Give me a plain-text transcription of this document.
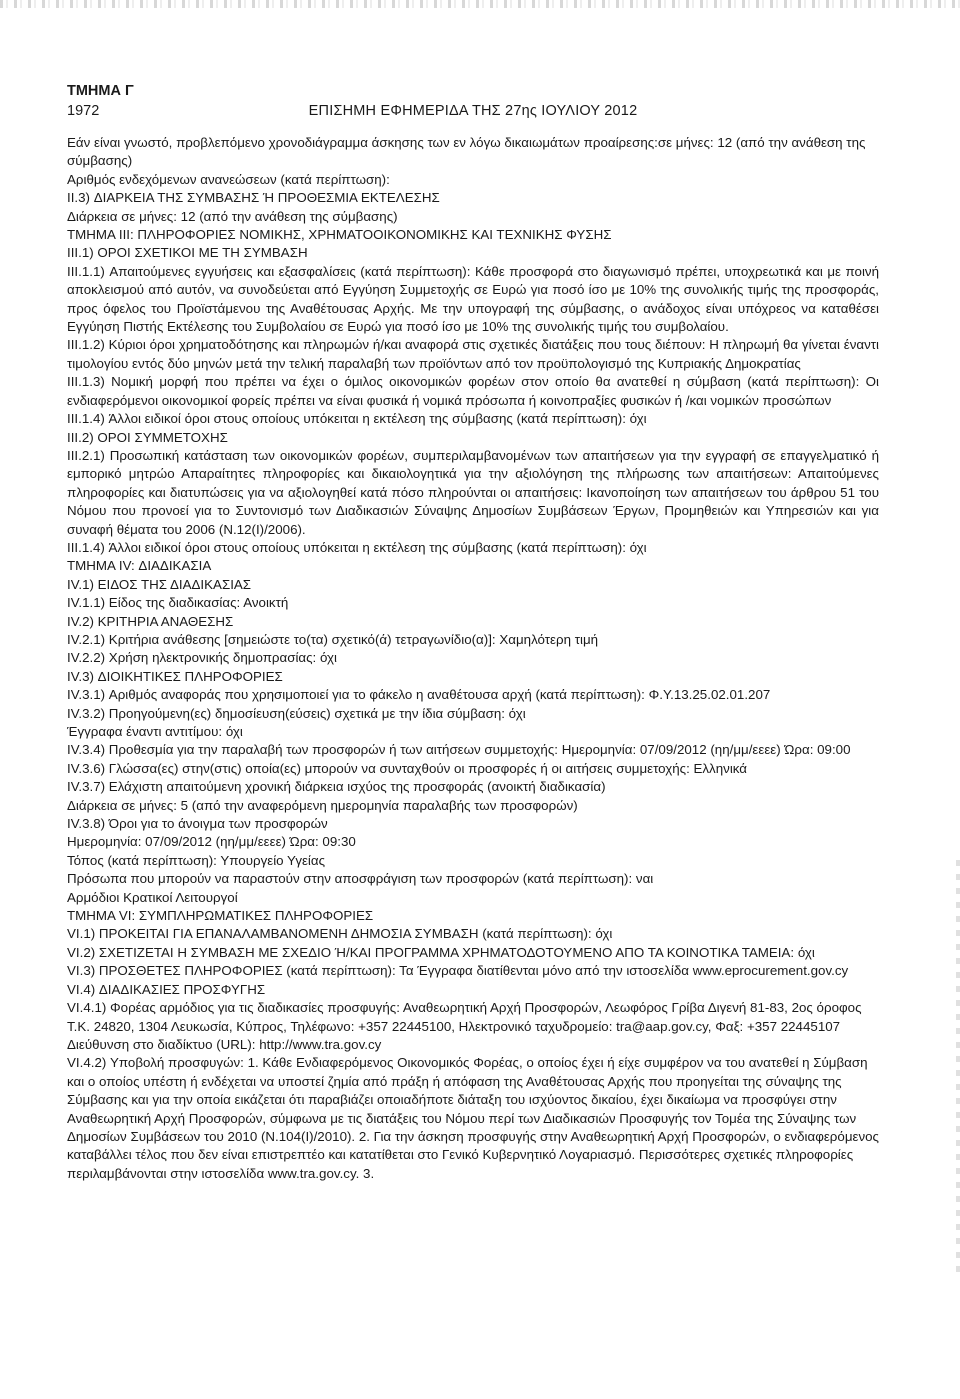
ΤΜΗΜΑ Γ
ΕΠΙΣΗΜΗ ΕΦΗΜΕΡΙΔΑ ΤΗΣ 27ης ΙΟΥΛΙΟΥ 2012
1972

Εάν είναι γνωστό, προβλεπόμενο χρονοδιάγραμμα άσκησης των εν λόγω δικαιωμάτων προαίρεσης:σε μήνες: 12 (από την ανάθεση της σύμβασης)

Αριθμός ενδεχόμενων ανανεώσεων (κατά περίπτωση):

II.3) ΔΙΑΡΚΕΙΑ ΤΗΣ ΣΥΜΒΑΣΗΣ Ή ΠΡΟΘΕΣΜΙΑ ΕΚΤΕΛΕΣΗΣ

Διάρκεια σε μήνες: 12 (από την ανάθεση της σύμβασης)

ΤΜΗΜΑ III: ΠΛΗΡΟΦΟΡΙΕΣ ΝΟΜΙΚΗΣ, ΧΡΗΜΑΤΟΟΙΚΟΝΟΜΙΚΗΣ ΚΑΙ ΤΕΧΝΙΚΗΣ ΦΥΣΗΣ

III.1) ΟΡΟΙ ΣΧΕΤΙΚΟΙ ΜΕ ΤΗ ΣΥΜΒΑΣΗ

III.1.1) Απαιτούμενες εγγυήσεις και εξασφαλίσεις (κατά περίπτωση): Κάθε προσφορά στο διαγωνισμό πρέπει, υποχρεωτικά και με ποινή αποκλεισμού από αυτόν, να συνοδεύεται από Εγγύηση Συμμετοχής σε Ευρώ για ποσό ίσο με 10% της συνολικής τιμής της προσφοράς, προς όφελος του Προϊστάμενου της Αναθέτουσας Αρχής. Με την υπογραφή της σύμβασης, ο ανάδοχος είναι υπόχρεος να καταθέσει Εγγύηση Πιστής Εκτέλεσης του Συμβολαίου σε Ευρώ για ποσό ίσο με 10% της συνολικής τιμής του συμβολαίου.

III.1.2) Κύριοι όροι χρηματοδότησης και πληρωμών ή/και αναφορά στις σχετικές διατάξεις που τους διέπουν: Η πληρωμή θα γίνεται έναντι τιμολογίου εντός δύο μηνών μετά την τελική παραλαβή των προϊόντων από τον προϋπολογισμό της Κυπριακής Δημοκρατίας

III.1.3) Νομική μορφή που πρέπει να έχει ο όμιλος οικονομικών φορέων στον οποίο θα ανατεθεί η σύμβαση (κατά περίπτωση): Οι ενδιαφερόμενοι οικονομικοί φορείς πρέπει να είναι φυσικά ή νομικά πρόσωπα ή κοινοπραξίες φυσικών ή /και νομικών προσώπων

III.1.4) Άλλοι ειδικοί όροι στους οποίους υπόκειται η εκτέλεση της σύμβασης (κατά περίπτωση): όχι

III.2) ΟΡΟΙ ΣΥΜΜΕΤΟΧΗΣ

III.2.1) Προσωπική κατάσταση των οικονομικών φορέων, συμπεριλαμβανομένων των απαιτήσεων για την εγγραφή σε επαγγελματικό ή εμπορικό μητρώο Απαραίτητες πληροφορίες και δικαιολογητικά για την αξιολόγηση της πλήρωσης των απαιτήσεων: Απαιτούμενες πληροφορίες και διατυπώσεις για να αξιολογηθεί κατά πόσο πληρούνται οι απαιτήσεις: Ικανοποίηση των απαιτήσεων του άρθρου 51 του Νόμου που προνοεί για το Συντονισμό των Διαδικασιών Σύναψης Δημοσίων Συμβάσεων Έργων, Προμηθειών και Υπηρεσιών και για συναφή θέματα του 2006 (Ν.12(Ι)/2006).

III.1.4) Άλλοι ειδικοί όροι στους οποίους υπόκειται η εκτέλεση της σύμβασης (κατά περίπτωση): όχι

ΤΜΗΜΑ IV: ΔΙΑΔΙΚΑΣΙΑ

IV.1) ΕΙΔΟΣ ΤΗΣ ΔΙΑΔΙΚΑΣΙΑΣ

IV.1.1) Είδος της διαδικασίας: Ανοικτή

IV.2) ΚΡΙΤΗΡΙΑ ΑΝΑΘΕΣΗΣ

IV.2.1) Κριτήρια ανάθεσης [σημειώστε το(τα) σχετικό(ά) τετραγωνίδιο(α)]: Χαμηλότερη τιμή

IV.2.2) Χρήση ηλεκτρονικής δημοπρασίας: όχι

IV.3) ΔΙΟΙΚΗΤΙΚΕΣ ΠΛΗΡΟΦΟΡΙΕΣ

IV.3.1) Αριθμός αναφοράς που χρησιμοποιεί για το φάκελο η αναθέτουσα αρχή (κατά περίπτωση): Φ.Υ.13.25.02.01.207

IV.3.2) Προηγούμενη(ες) δημοσίευση(εύσεις) σχετικά με την ίδια σύμβαση: όχι

Έγγραφα έναντι αντιτίμου: όχι

IV.3.4) Προθεσμία για την παραλαβή των προσφορών ή των αιτήσεων συμμετοχής: Ημερομηνία: 07/09/2012 (ηη/μμ/εεεε) Ώρα: 09:00

IV.3.6) Γλώσσα(ες) στην(στις) οποία(ες) μπορούν να συνταχθούν οι προσφορές ή οι αιτήσεις συμμετοχής: Ελληνικά

IV.3.7) Ελάχιστη απαιτούμενη χρονική διάρκεια ισχύος της προσφοράς (ανοικτή διαδικασία)

Διάρκεια σε μήνες: 5 (από την αναφερόμενη ημερομηνία παραλαβής των προσφορών)

IV.3.8) Όροι για το άνοιγμα των προσφορών

Ημερομηνία: 07/09/2012 (ηη/μμ/εεεε) Ώρα: 09:30

Τόπος (κατά περίπτωση): Υπουργείο Υγείας

Πρόσωπα που μπορούν να παραστούν στην αποσφράγιση των προσφορών (κατά περίπτωση): ναι

Αρμόδιοι Κρατικοί Λειτουργοί

ΤΜΗΜΑ VI: ΣΥΜΠΛΗΡΩΜΑΤΙΚΕΣ ΠΛΗΡΟΦΟΡΙΕΣ

VI.1) ΠΡΟΚΕΙΤΑΙ ΓΙΑ ΕΠΑΝΑΛΑΜΒΑΝΟΜΕΝΗ ΔΗΜΟΣΙΑ ΣΥΜΒΑΣΗ (κατά περίπτωση): όχι

VI.2) ΣΧΕΤΙΖΕΤΑΙ Η ΣΥΜΒΑΣΗ ΜΕ ΣΧΕΔΙΟ Ή/ΚΑΙ ΠΡΟΓΡΑΜΜΑ ΧΡΗΜΑΤΟΔΟΤΟΥΜΕΝΟ ΑΠΟ ΤΑ ΚΟΙΝΟΤΙΚΑ ΤΑΜΕΙΑ: όχι

VI.3) ΠΡΟΣΘΕΤΕΣ ΠΛΗΡΟΦΟΡΙΕΣ (κατά περίπτωση): Τα Έγγραφα διατίθενται μόνο από την ιστοσελίδα www.eprocurement.gov.cy

VI.4) ΔΙΑΔΙΚΑΣΙΕΣ ΠΡΟΣΦΥΓΗΣ

VI.4.1) Φορέας αρμόδιος για τις διαδικασίες προσφυγής: Αναθεωρητική Αρχή Προσφορών, Λεωφόρος Γρίβα Διγενή 81-83, 2ος όροφος Τ.Κ. 24820, 1304 Λευκωσία, Κύπρος, Τηλέφωνο: +357 22445100, Ηλεκτρονικό ταχυδρομείο: tra@aap.gov.cy, Φαξ: +357 22445107

Διεύθυνση στο διαδίκτυο (URL): http://www.tra.gov.cy

VI.4.2) Υποβολή προσφυγών: 1. Κάθε Ενδιαφερόμενος Οικονομικός Φορέας, ο οποίος έχει ή είχε συμφέρον να του ανατεθεί η Σύμβαση και ο οποίος υπέστη ή ενδέχεται να υποστεί ζημία από πράξη ή απόφαση της Αναθέτουσας Αρχής που προηγείται της σύναψης της Σύμβασης και για την οποία εικάζεται ότι παραβιάζει οποιαδήποτε διάταξη του ισχύοντος δικαίου, έχει δικαίωμα να προσφύγει στην Αναθεωρητική Αρχή Προσφορών, σύμφωνα με τις διατάξεις του Νόμου περί των Διαδικασιών Προσφυγής τον Τομέα της Σύναψης των Δημοσίων Συμβάσεων του 2010 (Ν.104(Ι)/2010). 2. Για την άσκηση προσφυγής στην Αναθεωρητική Αρχή Προσφορών, ο ενδιαφερόμενος καταβάλλει τέλος που δεν είναι επιστρεπτέο και κατατίθεται στο Γενικό Κυβερνητικό Λογαριασμό. Περισσότερες σχετικές πληροφορίες περιλαμβάνονται στην ιστοσελίδα www.tra.gov.cy. 3.
